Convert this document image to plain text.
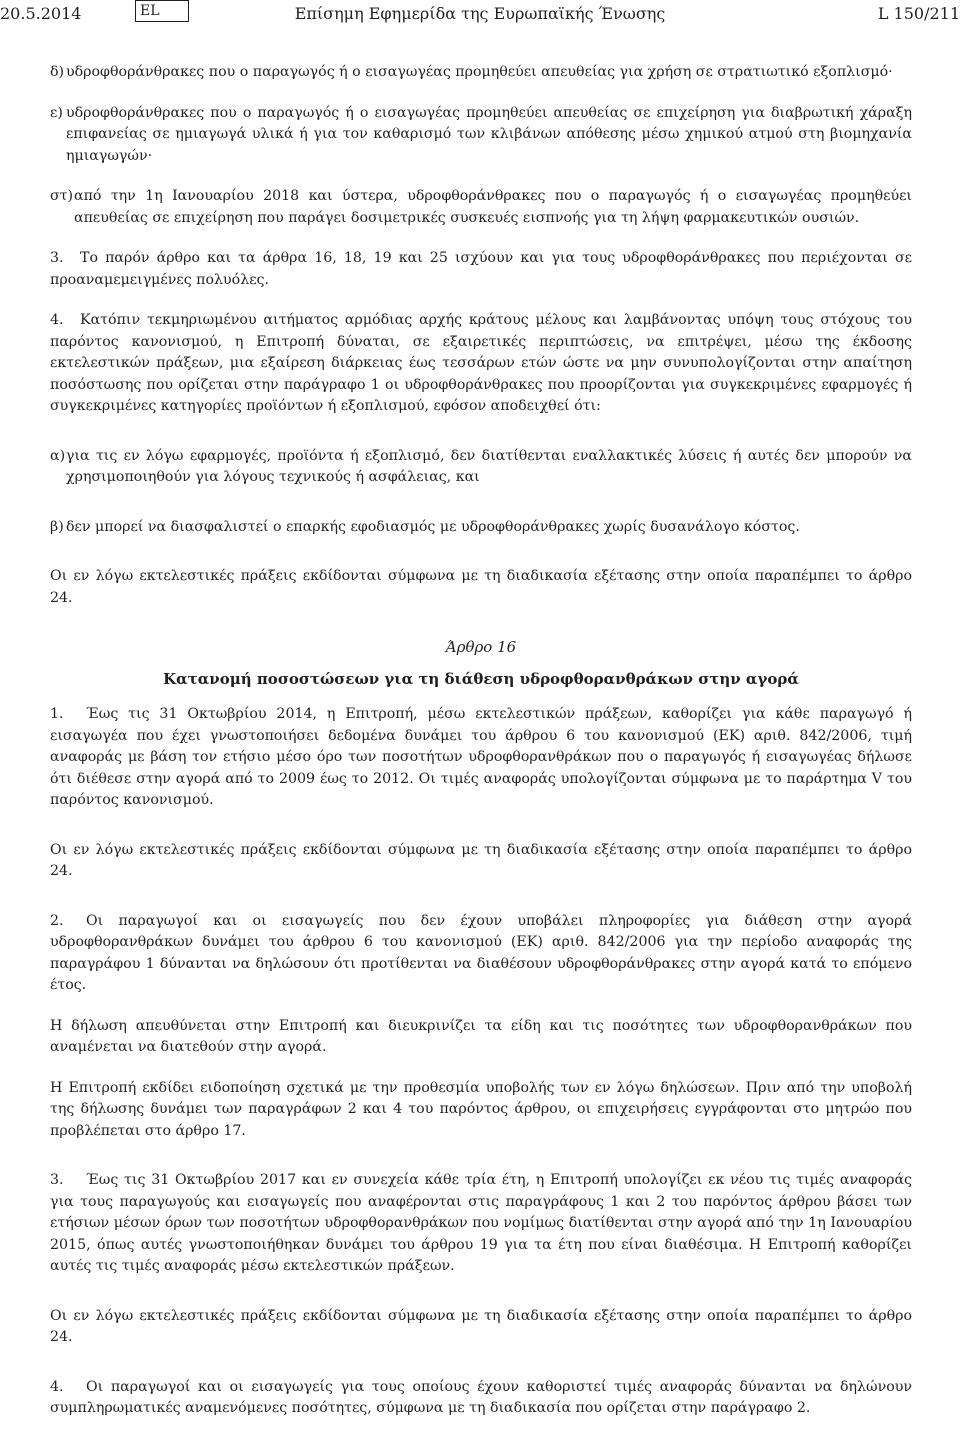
20.5.2014	EL	Επίσημη Εφημερίδα της Ευρωπαϊκής Ένωσης	L 150/211

δ) υδροφθοράνθρακες που ο παραγωγός ή ο εισαγωγέας προμηθεύει απευθείας για χρήση σε στρατιωτικό εξοπλισμό·

ε) υδροφθοράνθρακες που ο παραγωγός ή ο εισαγωγέας προμηθεύει απευθείας σε επιχείρηση για διαβρωτική χάραξη επιφανείας σε ημιαγωγά υλικά ή για τον καθαρισμό των κλιβάνων απόθεσης μέσω χημικού ατμού στη βιομηχανία ημιαγωγών·

στ) από την 1η Ιανουαρίου 2018 και ύστερα, υδροφθοράνθρακες που ο παραγωγός ή ο εισαγωγέας προμηθεύει απευθείας σε επιχείρηση που παράγει δοσιμετρικές συσκευές εισπνοής για τη λήψη φαρμακευτικών ουσιών.

3. Το παρόν άρθρο και τα άρθρα 16, 18, 19 και 25 ισχύουν και για τους υδροφθοράνθρακες που περιέχονται σε προαναμεμειγμένες πολυόλες.

4. Κατόπιν τεκμηριωμένου αιτήματος αρμόδιας αρχής κράτους μέλους και λαμβάνοντας υπόψη τους στόχους του παρόντος κανονισμού, η Επιτροπή δύναται, σε εξαιρετικές περιπτώσεις, να επιτρέψει, μέσω της έκδοσης εκτελεστικών πράξεων, μια εξαίρεση διάρκειας έως τεσσάρων ετών ώστε να μην συνυπολογίζονται στην απαίτηση ποσόστωσης που ορίζεται στην παράγραφο 1 οι υδροφθοράνθρακες που προορίζονται για συγκεκριμένες εφαρμογές ή συγκεκριμένες κατηγορίες προϊόντων ή εξοπλισμού, εφόσον αποδειχθεί ότι:

α) για τις εν λόγω εφαρμογές, προϊόντα ή εξοπλισμό, δεν διατίθενται εναλλακτικές λύσεις ή αυτές δεν μπορούν να χρησιμοποιηθούν για λόγους τεχνικούς ή ασφάλειας, και

β) δεν μπορεί να διασφαλιστεί ο επαρκής εφοδιασμός με υδροφθοράνθρακες χωρίς δυσανάλογο κόστος.

Οι εν λόγω εκτελεστικές πράξεις εκδίδονται σύμφωνα με τη διαδικασία εξέτασης στην οποία παραπέμπει το άρθρο 24.

Άρθρο 16
Κατανομή ποσοστώσεων για τη διάθεση υδροφθορανθράκων στην αγορά

1. Έως τις 31 Οκτωβρίου 2014, η Επιτροπή, μέσω εκτελεστικών πράξεων, καθορίζει για κάθε παραγωγό ή εισαγωγέα που έχει γνωστοποιήσει δεδομένα δυνάμει του άρθρου 6 του κανονισμού (ΕΚ) αριθ. 842/2006, τιμή αναφοράς με βάση τον ετήσιο μέσο όρο των ποσοτήτων υδροφθορανθράκων που ο παραγωγός ή εισαγωγέας δήλωσε ότι διέθεσε στην αγορά από το 2009 έως το 2012. Οι τιμές αναφοράς υπολογίζονται σύμφωνα με το παράρτημα V του παρόντος κανονισμού.

Οι εν λόγω εκτελεστικές πράξεις εκδίδονται σύμφωνα με τη διαδικασία εξέτασης στην οποία παραπέμπει το άρθρο 24.

2. Οι παραγωγοί και οι εισαγωγείς που δεν έχουν υποβάλει πληροφορίες για διάθεση στην αγορά υδροφθορανθράκων δυνάμει του άρθρου 6 του κανονισμού (ΕΚ) αριθ. 842/2006 για την περίοδο αναφοράς της παραγράφου 1 δύνανται να δηλώσουν ότι προτίθενται να διαθέσουν υδροφθοράνθρακες στην αγορά κατά το επόμενο έτος.

Η δήλωση απευθύνεται στην Επιτροπή και διευκρινίζει τα είδη και τις ποσότητες των υδροφθορανθράκων που αναμένεται να διατεθούν στην αγορά.

Η Επιτροπή εκδίδει ειδοποίηση σχετικά με την προθεσμία υποβολής των εν λόγω δηλώσεων. Πριν από την υποβολή της δήλωσης δυνάμει των παραγράφων 2 και 4 του παρόντος άρθρου, οι επιχειρήσεις εγγράφονται στο μητρώο που προβλέπεται στο άρθρο 17.

3. Έως τις 31 Οκτωβρίου 2017 και εν συνεχεία κάθε τρία έτη, η Επιτροπή υπολογίζει εκ νέου τις τιμές αναφοράς για τους παραγωγούς και εισαγωγείς που αναφέρονται στις παραγράφους 1 και 2 του παρόντος άρθρου βάσει των ετήσιων μέσων όρων των ποσοτήτων υδροφθορανθράκων που νομίμως διατίθενται στην αγορά από την 1η Ιανουαρίου 2015, όπως αυτές γνωστοποιήθηκαν δυνάμει του άρθρου 19 για τα έτη που είναι διαθέσιμα. Η Επιτροπή καθορίζει αυτές τις τιμές αναφοράς μέσω εκτελεστικών πράξεων.

Οι εν λόγω εκτελεστικές πράξεις εκδίδονται σύμφωνα με τη διαδικασία εξέτασης στην οποία παραπέμπει το άρθρο 24.

4. Οι παραγωγοί και οι εισαγωγείς για τους οποίους έχουν καθοριστεί τιμές αναφοράς δύνανται να δηλώνουν συμπληρωματικές αναμενόμενες ποσότητες, σύμφωνα με τη διαδικασία που ορίζεται στην παράγραφο 2.
